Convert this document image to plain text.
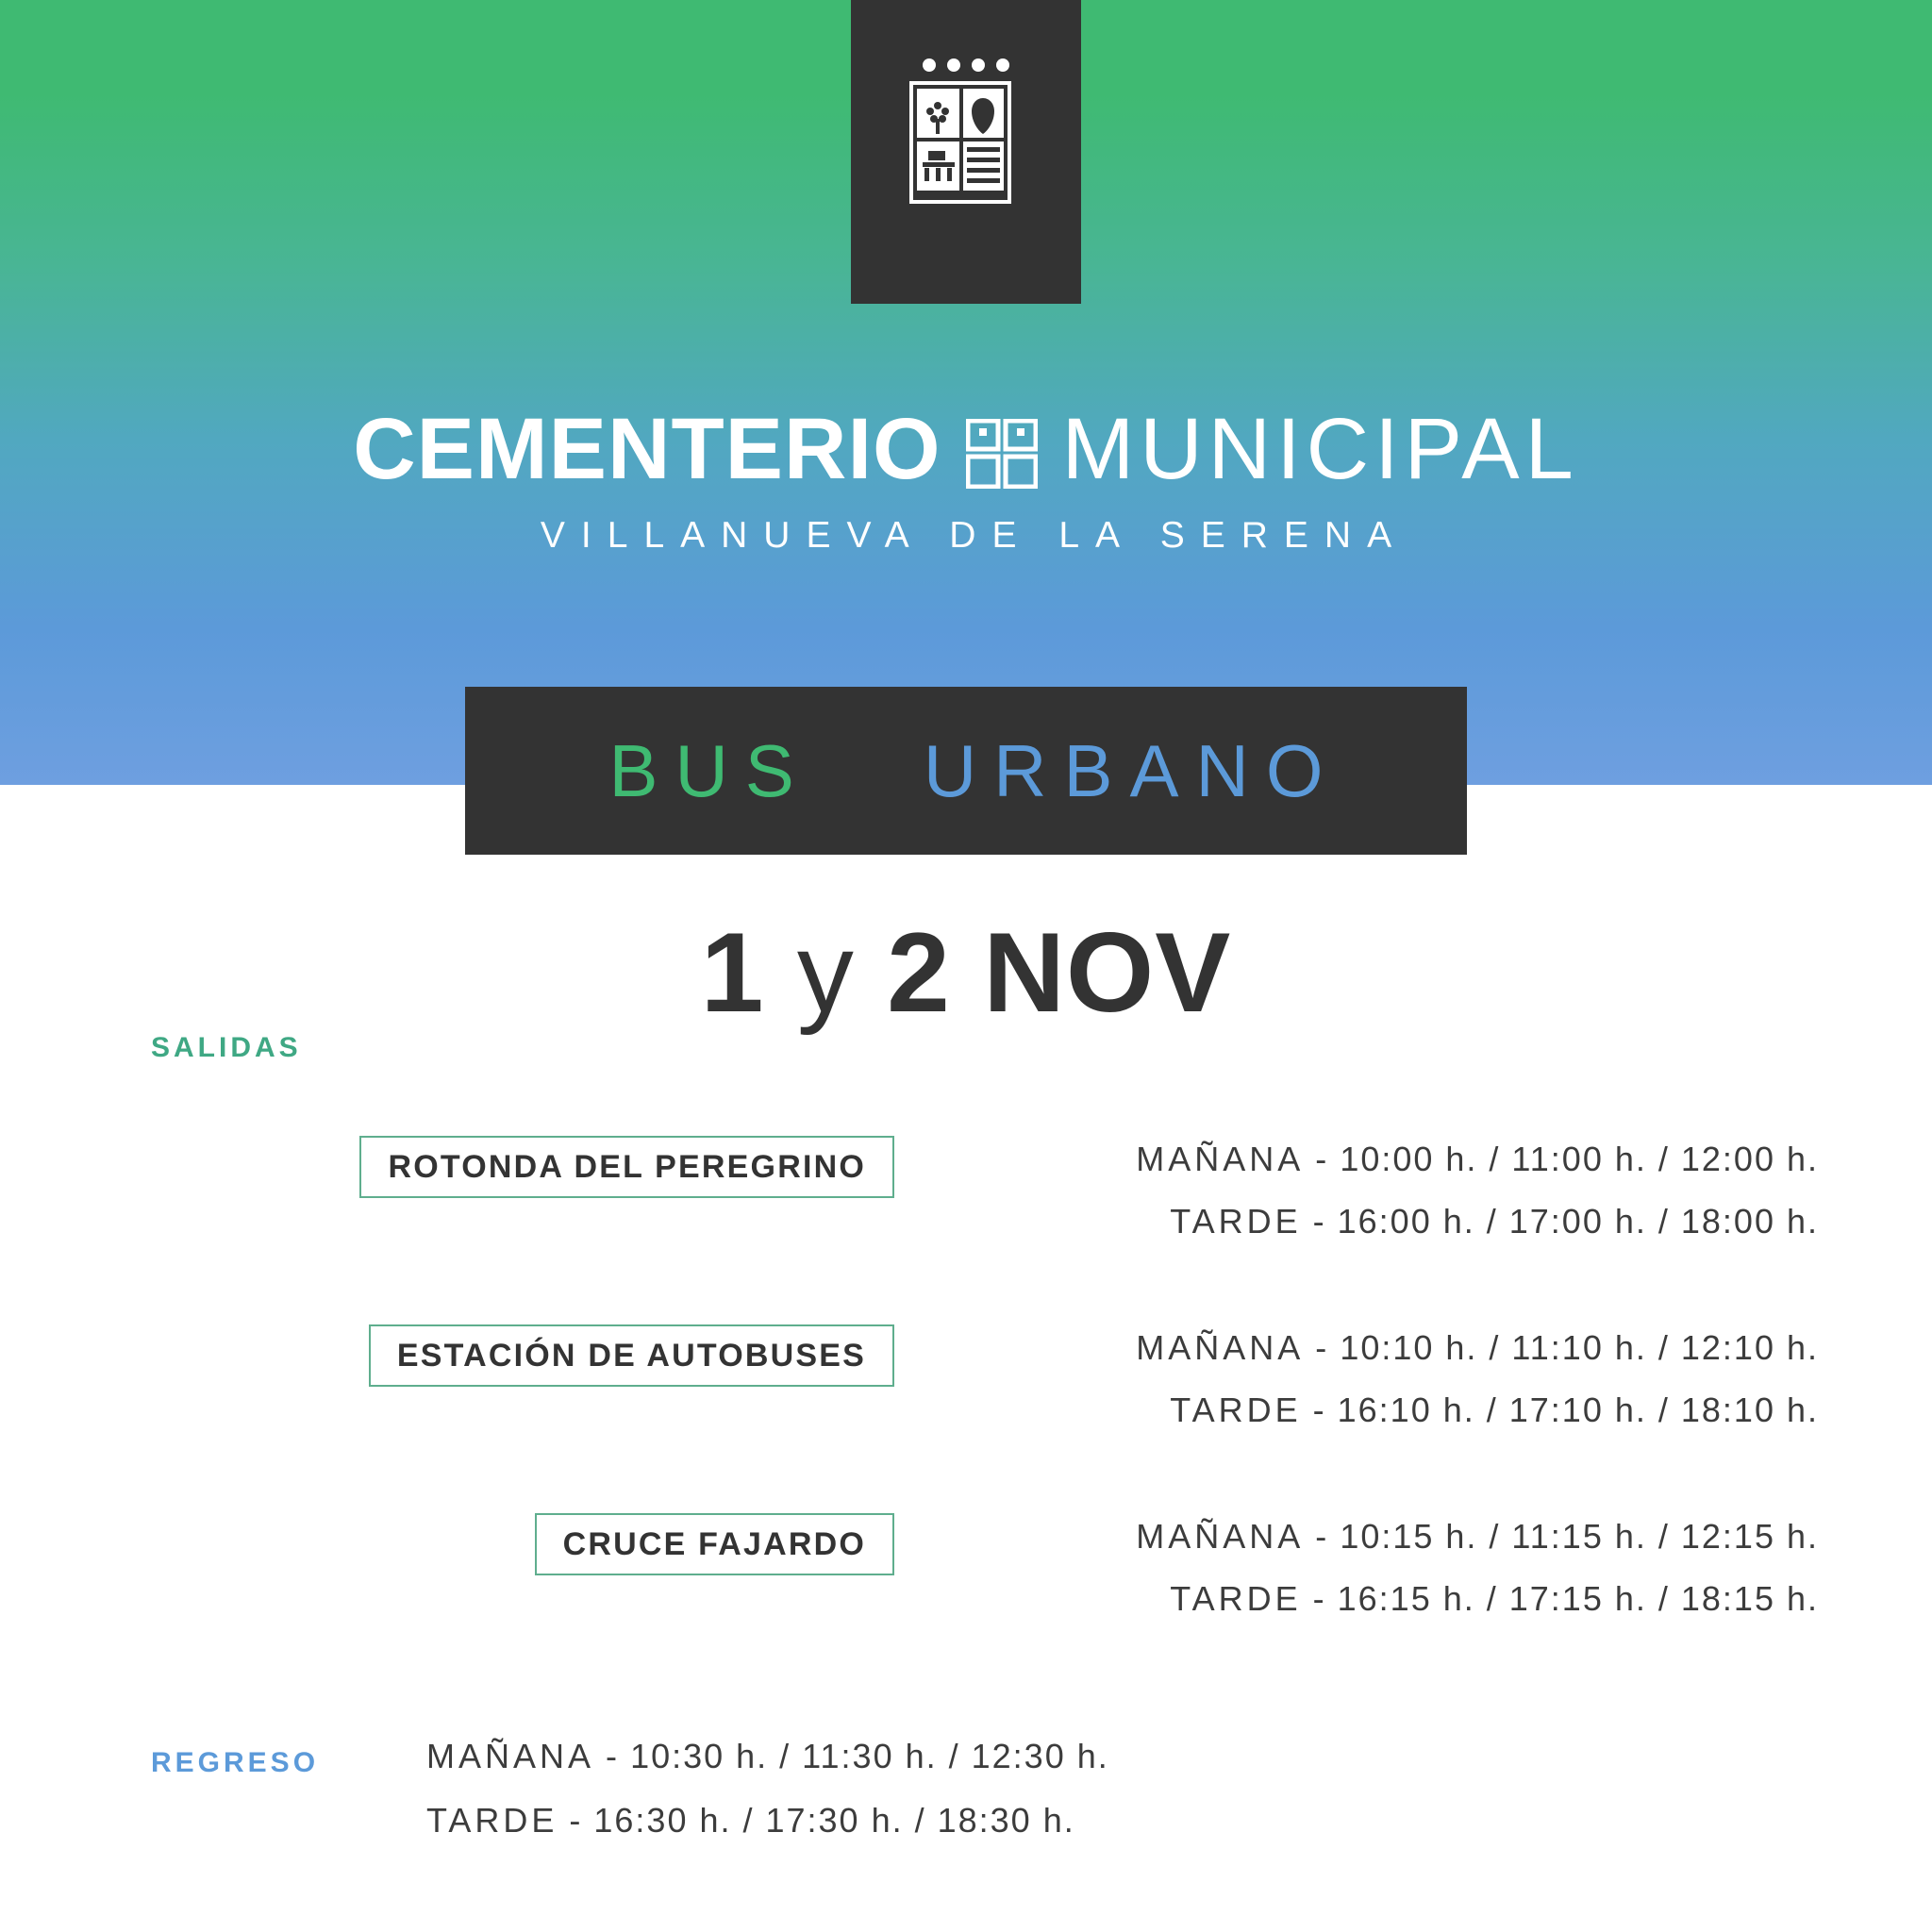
CEMENTERIO MUNICIPAL
VILLANUEVA DE LA SERENA
BUS URBANO
1 y 2 NOV
SALIDAS
ROTONDA DEL PEREGRINO	MAÑANA - 10:00 h. / 11:00 h. / 12:00 h.
TARDE - 16:00 h. / 17:00 h. / 18:00 h.
ESTACIÓN DE AUTOBUSES	MAÑANA - 10:10 h. / 11:10 h. / 12:10 h.
TARDE - 16:10 h. / 17:10 h. / 18:10 h.
CRUCE FAJARDO	MAÑANA - 10:15 h. / 11:15 h. / 12:15 h.
TARDE - 16:15 h. / 17:15 h. / 18:15 h.
REGRESO	MAÑANA - 10:30 h. / 11:30 h. / 12:30 h.
TARDE - 16:30 h. / 17:30 h. / 18:30 h.
